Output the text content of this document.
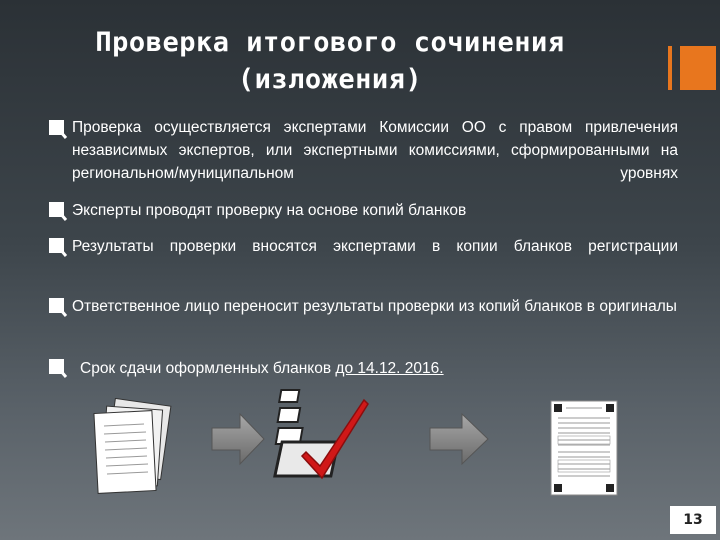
Проверка итогового сочинения (изложения)
Проверка осуществляется экспертами Комиссии ОО с правом привлечения независимых экспертов, или экспертными комиссиями, сформированными на региональном/муниципальном уровнях
Эксперты проводят проверку на основе копий бланков
Результаты проверки вносятся экспертами в копии бланков регистрации
Ответственное лицо переносит результаты проверки из копий бланков в оригиналы
Срок сдачи оформленных бланков до 14.12. 2016.
13
